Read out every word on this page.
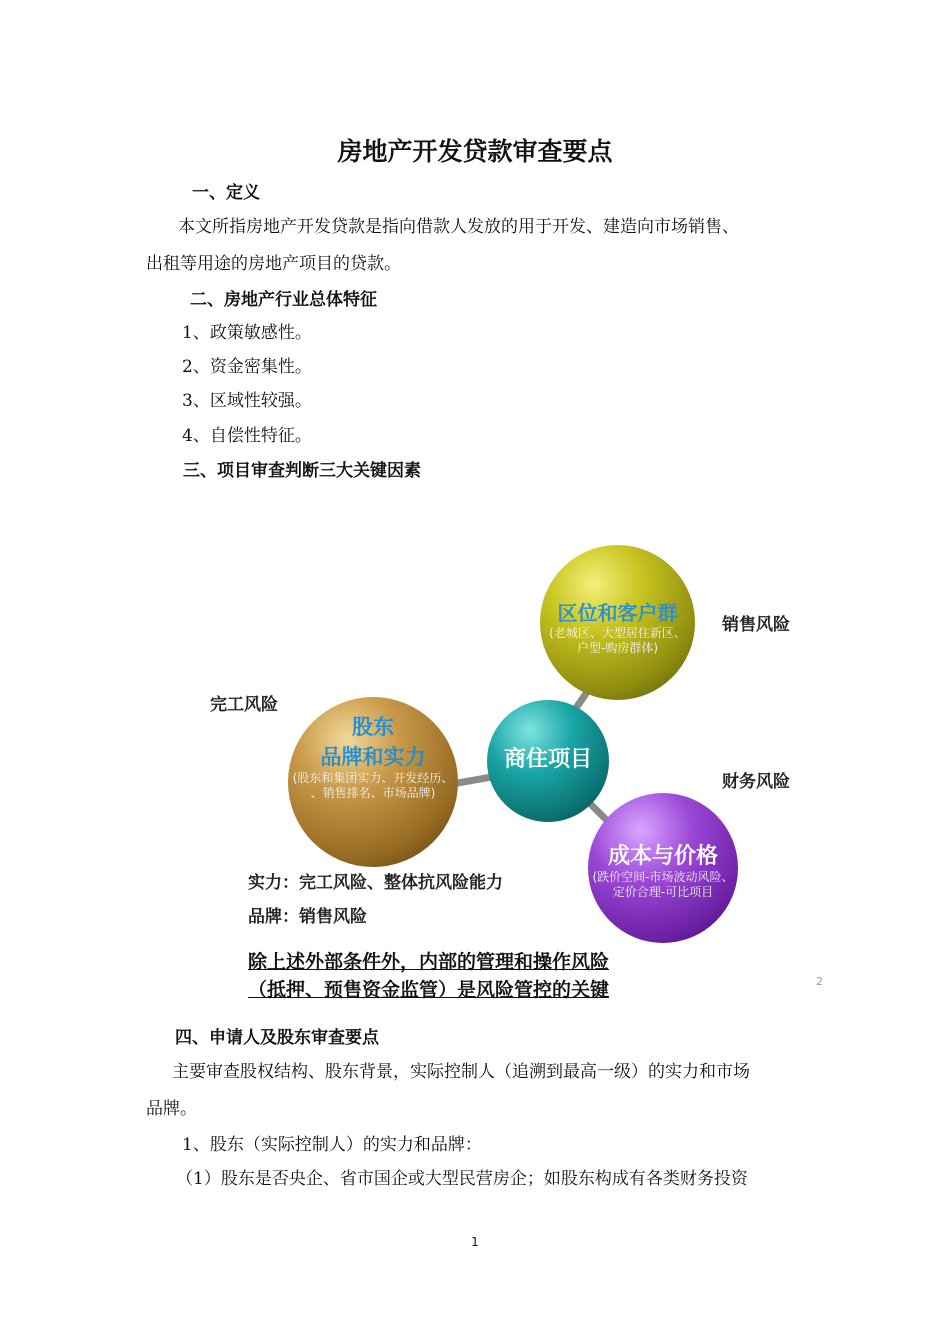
房地产开发贷款审查要点
一、定义
本文所指房地产开发贷款是指向借款人发放的用于开发、建造向市场销售、
出租等用途的房地产项目的贷款。
二、房地产行业总体特征
1、政策敏感性。
2、资金密集性。
3、区域性较强。
4、自偿性特征。
三、项目审查判断三大关键因素
区位和客户群
(老城区、大型居住新区、
户型-购房群体)
股东
品牌和实力
(股东和集团实力、开发经历、
、销售排名、市场品牌)
商住项目
成本与价格
(跌价空间-市场波动风险、
定价合理-可比项目
销售风险
完工风险
财务风险
实力：完工风险、整体抗风险能力
品牌：销售风险
除上述外部条件外，内部的管理和操作风险
（抵押、预售资金监管）是风险管控的关键	2
四、申请人及股东审查要点
主要审查股权结构、股东背景，实际控制人（追溯到最高一级）的实力和市场
品牌。
1、股东（实际控制人）的实力和品牌：
（1）股东是否央企、省市国企或大型民营房企；如股东构成有各类财务投资
1
